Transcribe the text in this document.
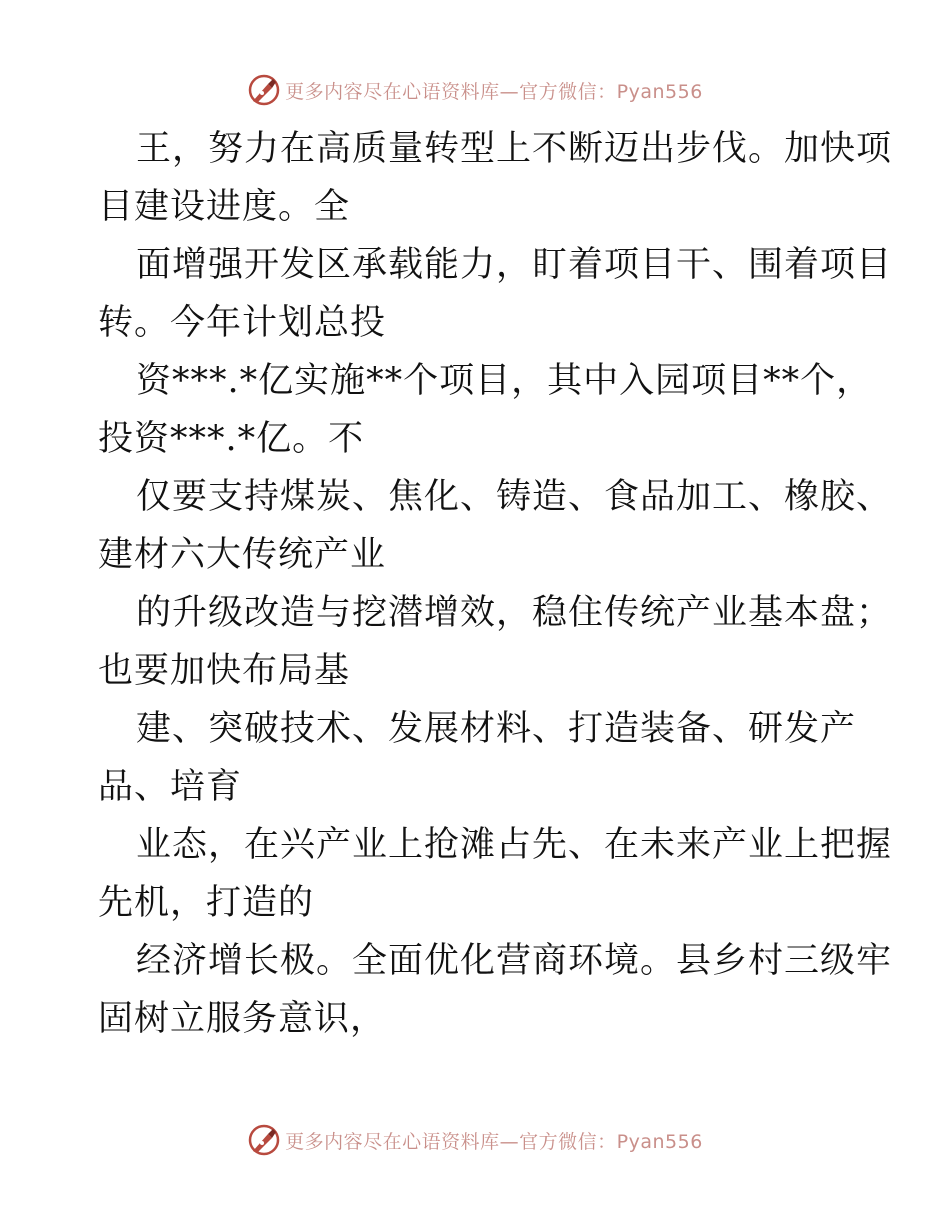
更多内容尽在心语资料库—官方微信：Pyan556
王，努力在高质量转型上不断迈出步伐。加快项
目建设进度。全
面增强开发区承载能力，盯着项目干、围着项目
转。今年计划总投
资***.*亿实施**个项目，其中入园项目**个，
投资***.*亿。不
仅要支持煤炭、焦化、铸造、食品加工、橡胶、
建材六大传统产业
的升级改造与挖潜增效，稳住传统产业基本盘；
也要加快布局基
建、突破技术、发展材料、打造装备、研发产
品、培育
业态，在兴产业上抢滩占先、在未来产业上把握
先机，打造的
经济增长极。全面优化营商环境。县乡村三级牢
固树立服务意识，
更多内容尽在心语资料库—官方微信：Pyan556
